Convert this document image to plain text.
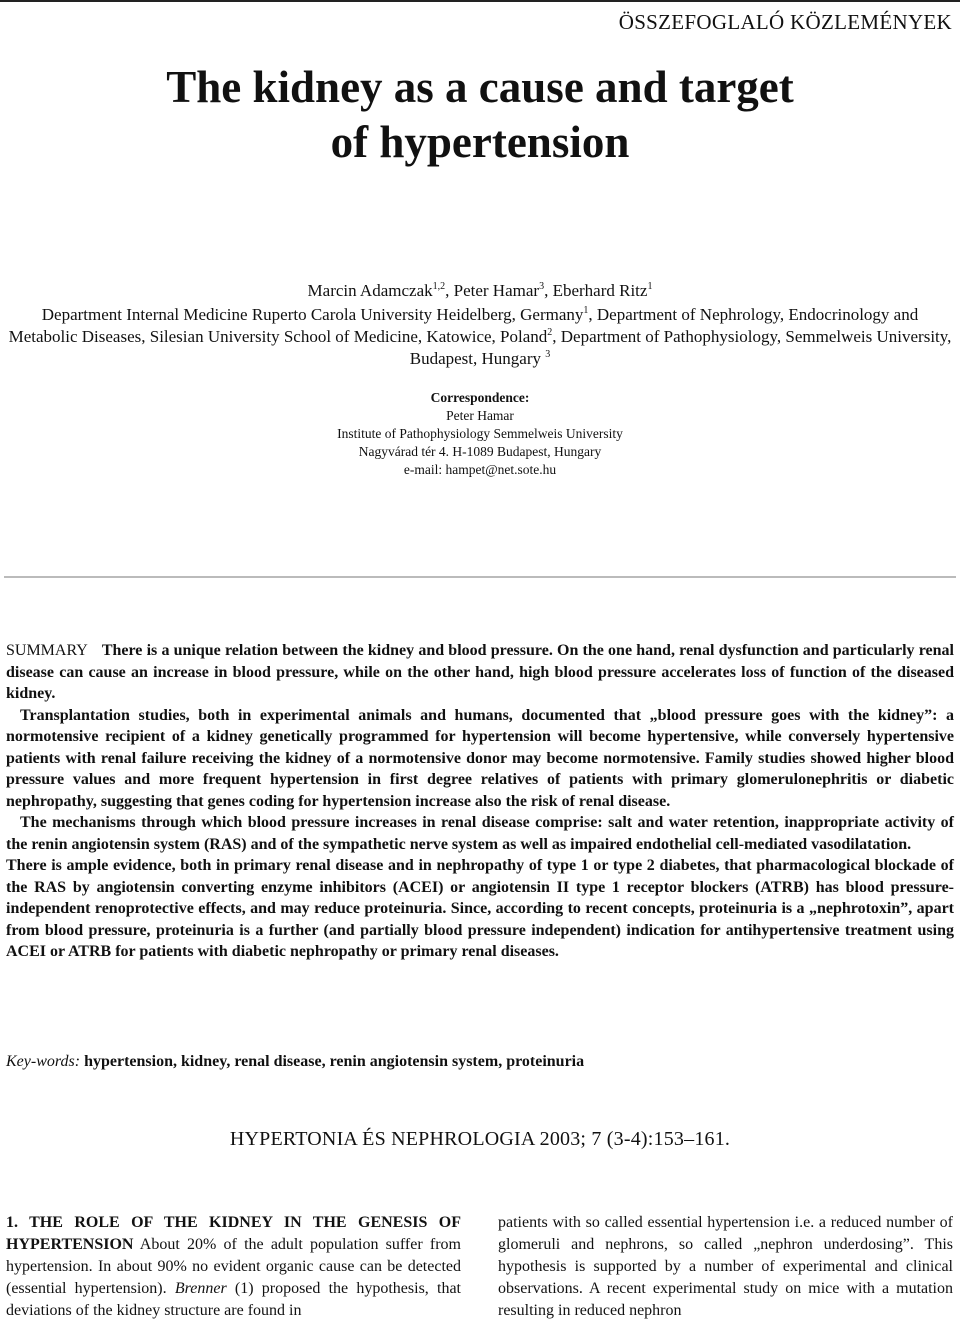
ÖSSZEFOGLALÓ KÖZLEMÉNYEK
The kidney as a cause and target
of hypertension
Marcin Adamczak$^{1,2}$, Peter Hamar$^3$, Eberhard Ritz$^1$
Department Internal Medicine Ruperto Carola University Heidelberg, Germany$^1$, Department of Nephrology, Endocrinology and Metabolic Diseases, Silesian University School of Medicine, Katowice, Poland$^2$, Department of Pathophysiology, Semmelweis University, Budapest, Hungary $^3$
Correspondence:
Peter Hamar
Institute of Pathophysiology Semmelweis University
Nagyvárad tér 4. H-1089 Budapest, Hungary
e-mail: hampet@net.sote.hu

SUMMARY There is a unique relation between the kidney and blood pressure. On the one hand, renal dysfunction and particularly renal disease can cause an increase in blood pressure, while on the other hand, high blood pressure accelerates loss of function of the diseased kidney.

Transplantation studies, both in experimental animals and humans, documented that „blood pressure goes with the kidney”: a normotensive recipient of a kidney genetically programmed for hypertension will become hypertensive, while conversely hypertensive patients with renal failure receiving the kidney of a normotensive donor may become normotensive. Family studies showed higher blood pressure values and more frequent hypertension in first degree relatives of patients with primary glomerulonephritis or diabetic nephropathy, suggesting that genes coding for hypertension increase also the risk of renal disease.

The mechanisms through which blood pressure increases in renal disease comprise: salt and water retention, inappropriate activity of the renin angiotensin system (RAS) and of the sympathetic nerve system as well as impaired endothelial cell-mediated vasodilatation.

There is ample evidence, both in primary renal disease and in nephropathy of type 1 or type 2 diabetes, that pharmacological blockade of the RAS by angiotensin converting enzyme inhibitors (ACEI) or angiotensin II type 1 receptor blockers (ATRB) has blood pressure-independent renoprotective effects, and may reduce proteinuria. Since, according to recent concepts, proteinuria is a „nephrotoxin”, apart from blood pressure, proteinuria is a further (and partially blood pressure independent) indication for antihypertensive treatment using ACEI or ATRB for patients with diabetic nephropathy or primary renal diseases.

Key-words: hypertension, kidney, renal disease, renin angiotensin system, proteinuria
HYPERTONIA ÉS NEPHROLOGIA 2003; 7 (3-4):153–161.

1. THE ROLE OF THE KIDNEY IN THE GENESIS OF HYPERTENSION About 20% of the adult population suffer from hypertension. In about 90% no evident organic cause can be detected (essential hypertension). Brenner (1) proposed the hypothesis, that deviations of the kidney structure are found in

patients with so called essential hypertension i.e. a reduced number of glomeruli and nephrons, so called „nephron underdosing”. This hypothesis is supported by a number of experimental and clinical observations. A recent experimental study on mice with a mutation resulting in reduced nephron
